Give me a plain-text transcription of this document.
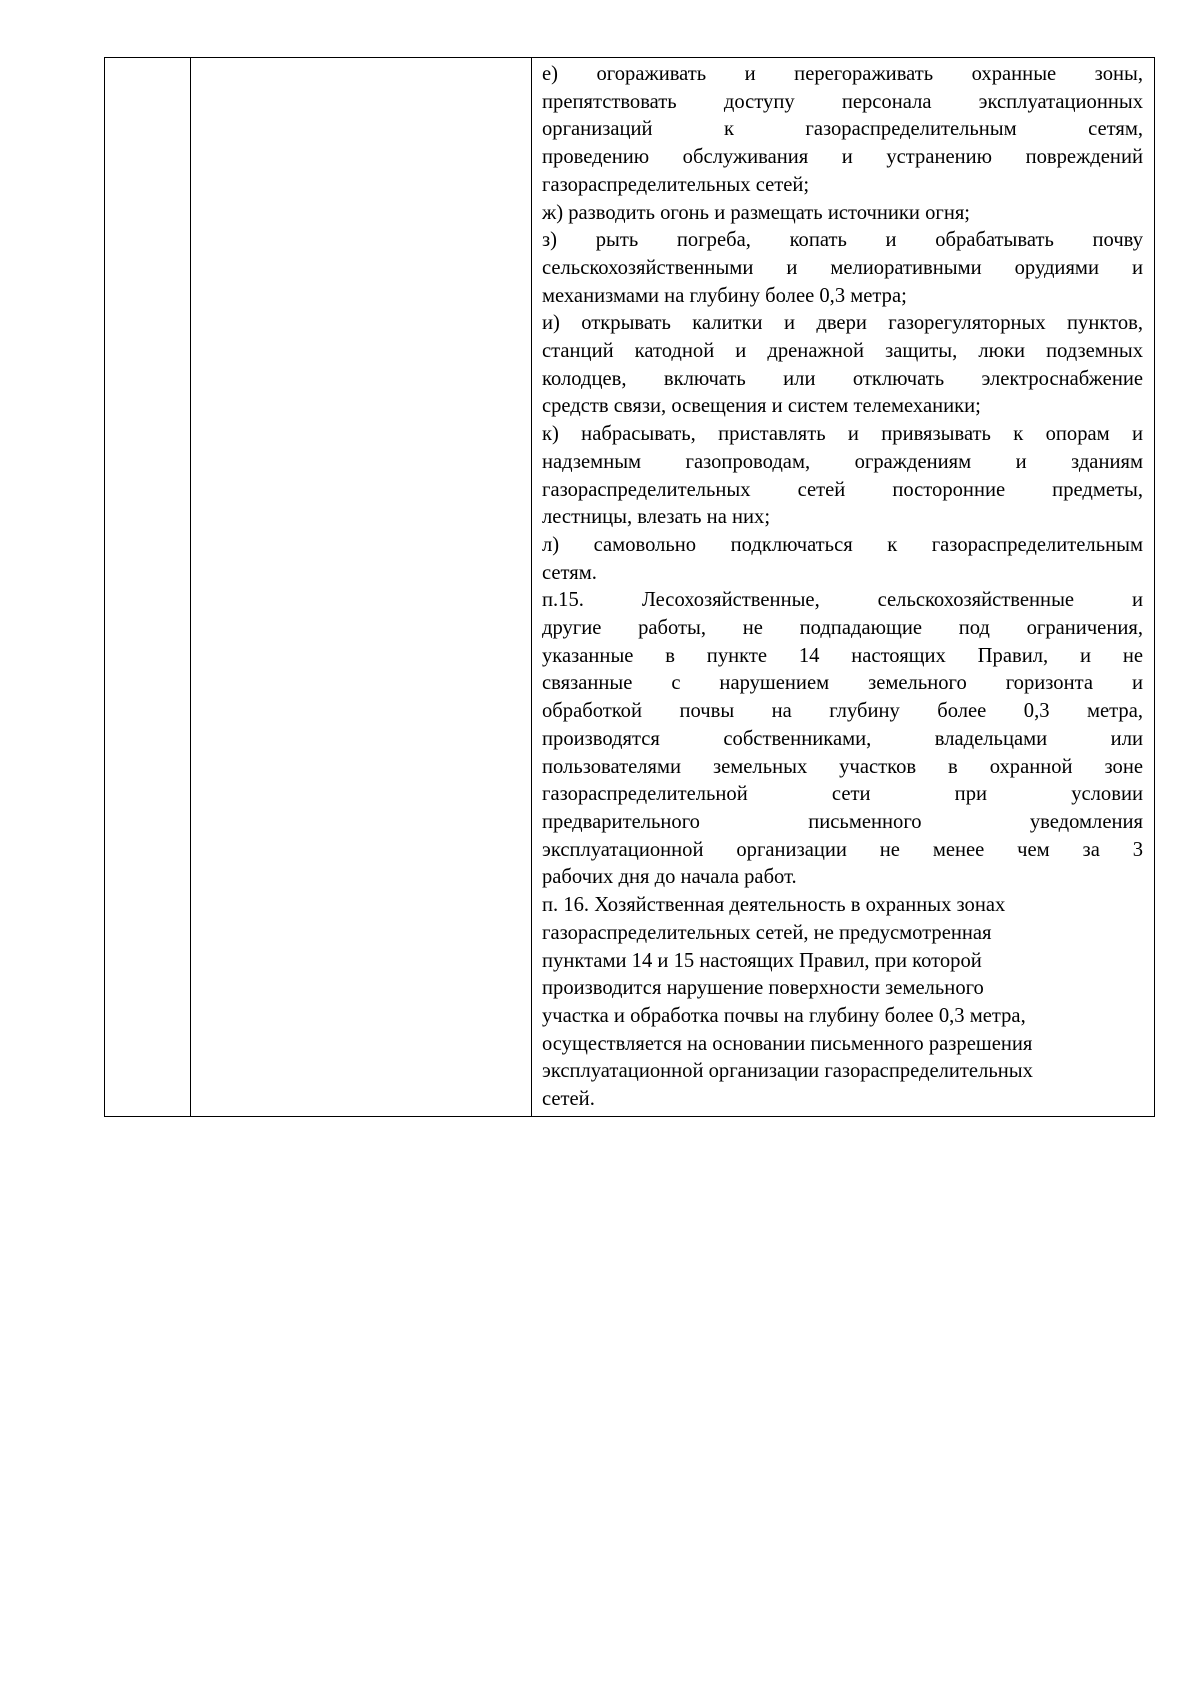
е) огораживать и перегораживать охранные зоны,
препятствовать доступу персонала эксплуатационных
организаций к газораспределительным сетям,
проведению обслуживания и устранению повреждений
газораспределительных сетей;
ж) разводить огонь и размещать источники огня;
з) рыть погреба, копать и обрабатывать почву
сельскохозяйственными и мелиоративными орудиями и
механизмами на глубину более 0,3 метра;
и) открывать калитки и двери газорегуляторных пунктов,
станций катодной и дренажной защиты, люки подземных
колодцев, включать или отключать электроснабжение
средств связи, освещения и систем телемеханики;
к) набрасывать, приставлять и привязывать к опорам и
надземным газопроводам, ограждениям и зданиям
газораспределительных сетей посторонние предметы,
лестницы, влезать на них;
л) самовольно подключаться к газораспределительным
сетям.
п.15. Лесохозяйственные, сельскохозяйственные и
другие работы, не подпадающие под ограничения,
указанные в пункте 14 настоящих Правил, и не
связанные с нарушением земельного горизонта и
обработкой почвы на глубину более 0,3 метра,
производятся собственниками, владельцами или
пользователями земельных участков в охранной зоне
газораспределительной сети при условии
предварительного письменного уведомления
эксплуатационной организации не менее чем за 3
рабочих дня до начала работ.
п. 16. Хозяйственная деятельность в охранных зонах
газораспределительных сетей, не предусмотренная
пунктами 14 и 15 настоящих Правил, при которой
производится нарушение поверхности земельного
участка и обработка почвы на глубину более 0,3 метра,
осуществляется на основании письменного разрешения
эксплуатационной организации газораспределительных
сетей.
